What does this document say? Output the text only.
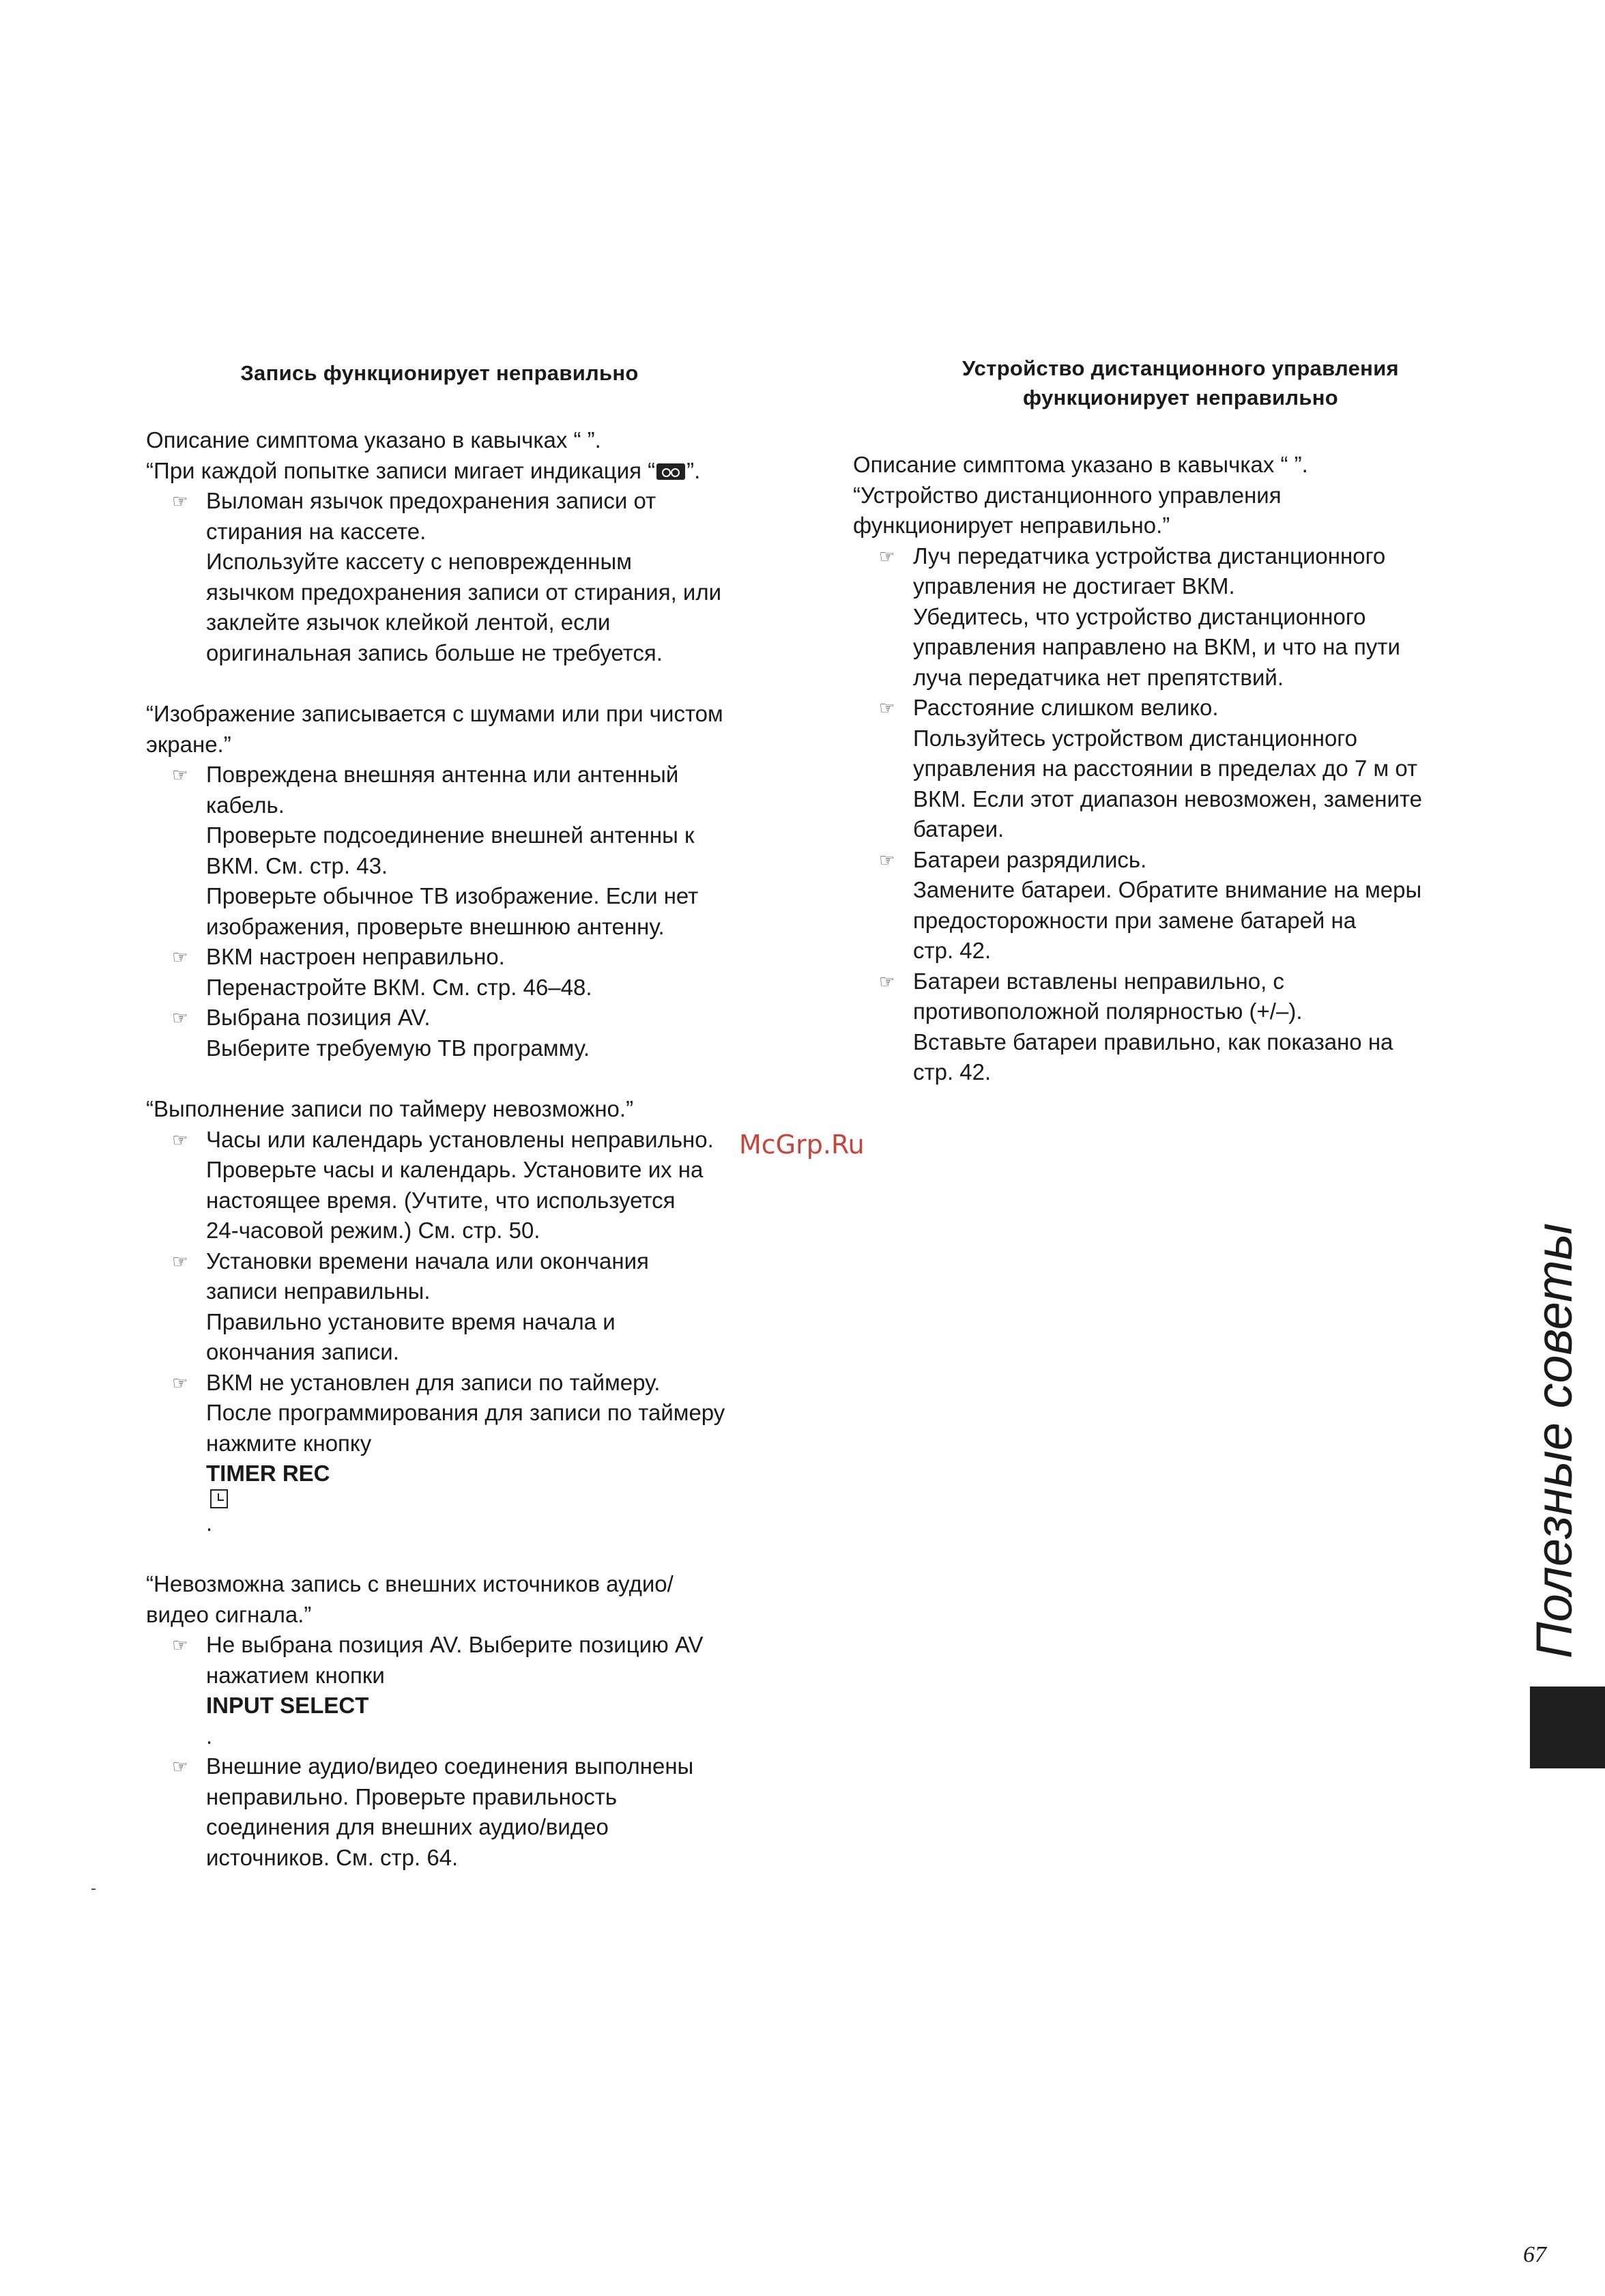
Запись функционирует неправильно
Описание симптома указано в кавычках “ ”.
“При каждой попытке записи мигает индикация “ ”.
☞ Выломан язычок предохранения записи от
стирания на кассете.
Используйте кассету с неповрежденным
язычком предохранения записи от стирания, или
заклейте язычок клейкой лентой, если
оригинальная запись больше не требуется.
“Изображение записывается с шумами или при чистом
экране.”
☞ Повреждена внешняя антенна или антенный
кабель.
Проверьте подсоединение внешней антенны к
ВКМ. См. стр. 43.
Проверьте обычное ТВ изображение. Если нет
изображения, проверьте внешнюю антенну.
☞ ВКМ настроен неправильно.
Перенастройте ВКМ. См. стр. 46–48.
☞ Выбрана позиция AV.
Выберите требуемую ТВ программу.
“Выполнение записи по таймеру невозможно.”
☞ Часы или календарь установлены неправильно.
Проверьте часы и календарь. Установите их на
настоящее время. (Учтите, что используется
24-часовой режим.) См. стр. 50.
☞ Установки времени начала или окончания
записи неправильны.
Правильно установите время начала и
окончания записи.
☞ ВКМ не установлен для записи по таймеру.
После программирования для записи по таймеру
нажмите кнопку
TIMER REC
.
“Невозможна запись с внешних источников аудио/
видео сигнала.”
☞ Не выбрана позиция AV. Выберите позицию AV
нажатием кнопки
INPUT SELECT
.
☞ Внешние аудио/видео соединения выполнены
неправильно. Проверьте правильность
соединения для внешних аудио/видео
источников. См. стр. 64.
Устройство дистанционного управления
функционирует неправильно
Описание симптома указано в кавычках “ ”.
“Устройство дистанционного управления
функционирует неправильно.”
☞ Луч передатчика устройства дистанционного
управления не достигает ВКМ.
Убедитесь, что устройство дистанционного
управления направлено на ВКМ, и что на пути
луча передатчика нет препятствий.
☞ Расстояние слишком велико.
Пользуйтесь устройством дистанционного
управления на расстоянии в пределах до 7 м от
ВКМ. Если этот диапазон невозможен, замените
батареи.
☞ Батареи разрядились.
Замените батареи. Обратите внимание на меры
предосторожности при замене батарей на
стр. 42.
☞ Батареи вставлены неправильно, с
противоположной полярностью (+/–).
Вставьте батареи правильно, как показано на
стр. 42.
McGrp.Ru
Полезные советы
67
